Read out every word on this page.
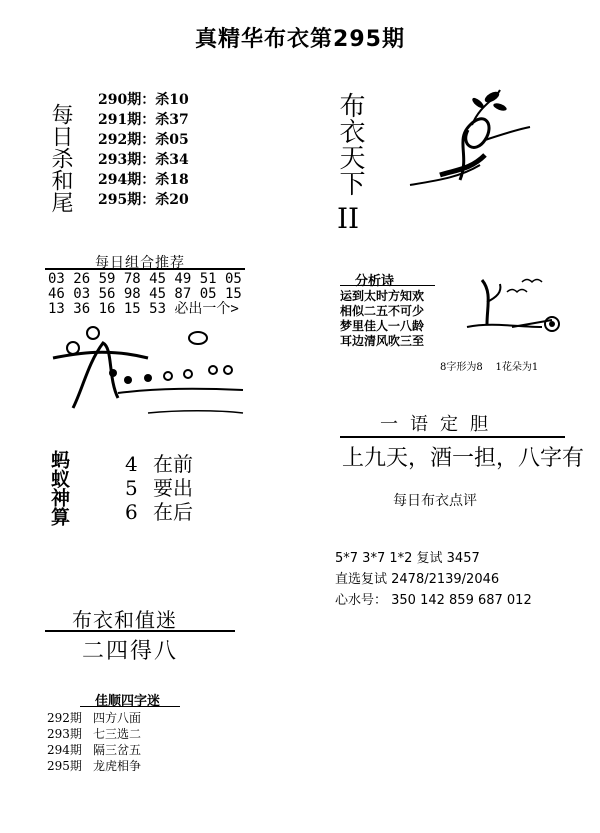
真精华布衣第295期
每日杀和尾
290期：杀10
291期：杀37
292期：杀05
293期：杀34
294期：杀18
295期：杀20
布衣天下
II
每日组合推荐
03 26 59 78 45 49 51 05
46 03 56 98 45 87 05 15
13 36 16 15 53 必出一个>
分析诗
运到太时方知欢
相似二五不可少
梦里佳人一八龄
耳边清风吹三至
8字形为8 1花朵为1
一语定胆
上九天，酒一担，八字有
每日布衣点评
蚂蚁神算	4 在前
5 要出
6 在后
5*7 3*7 1*2 复试 3457
直选复试 2478/2139/2046
心水号： 350 142 859 687 012
布衣和值迷
二四得八
佳顺四字迷
292期 四方八面
293期 七三选二
294期 隔三岔五
295期 龙虎相争
